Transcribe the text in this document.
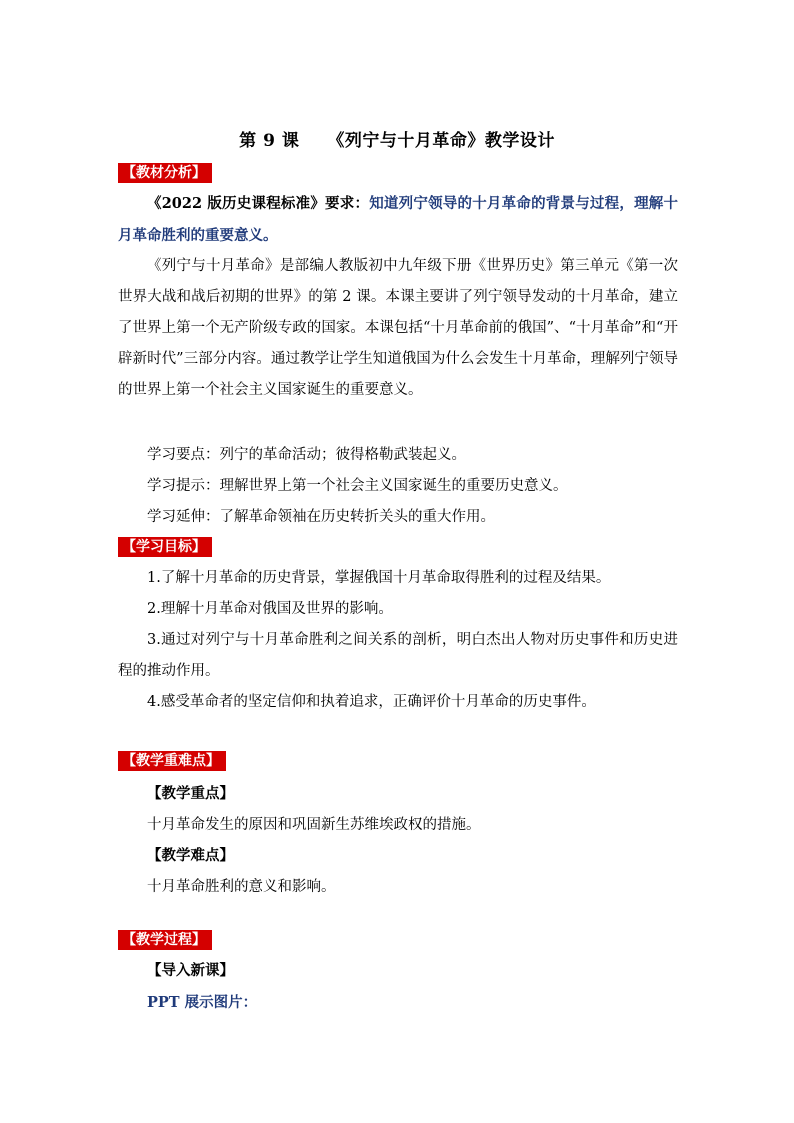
第 9 课 《列宁与十月革命》教学设计
【教材分析】
《2022 版历史课程标准》要求：知道列宁领导的十月革命的背景与过程，理解十月革命胜利的重要意义。
《列宁与十月革命》是部编人教版初中九年级下册《世界历史》第三单元《第一次世界大战和战后初期的世界》的第 2 课。本课主要讲了列宁领导发动的十月革命，建立了世界上第一个无产阶级专政的国家。本课包括“十月革命前的俄国”、“十月革命”和“开辟新时代”三部分内容。通过教学让学生知道俄国为什么会发生十月革命，理解列宁领导的世界上第一个社会主义国家诞生的重要意义。
学习要点：列宁的革命活动；彼得格勒武装起义。
学习提示：理解世界上第一个社会主义国家诞生的重要历史意义。
学习延伸：了解革命领袖在历史转折关头的重大作用。
【学习目标】
1.了解十月革命的历史背景，掌握俄国十月革命取得胜利的过程及结果。
2.理解十月革命对俄国及世界的影响。
3.通过对列宁与十月革命胜利之间关系的剖析，明白杰出人物对历史事件和历史进程的推动作用。
4.感受革命者的坚定信仰和执着追求，正确评价十月革命的历史事件。
【教学重难点】
【教学重点】
十月革命发生的原因和巩固新生苏维埃政权的措施。
【教学难点】
十月革命胜利的意义和影响。
【教学过程】
【导入新课】
PPT 展示图片：
